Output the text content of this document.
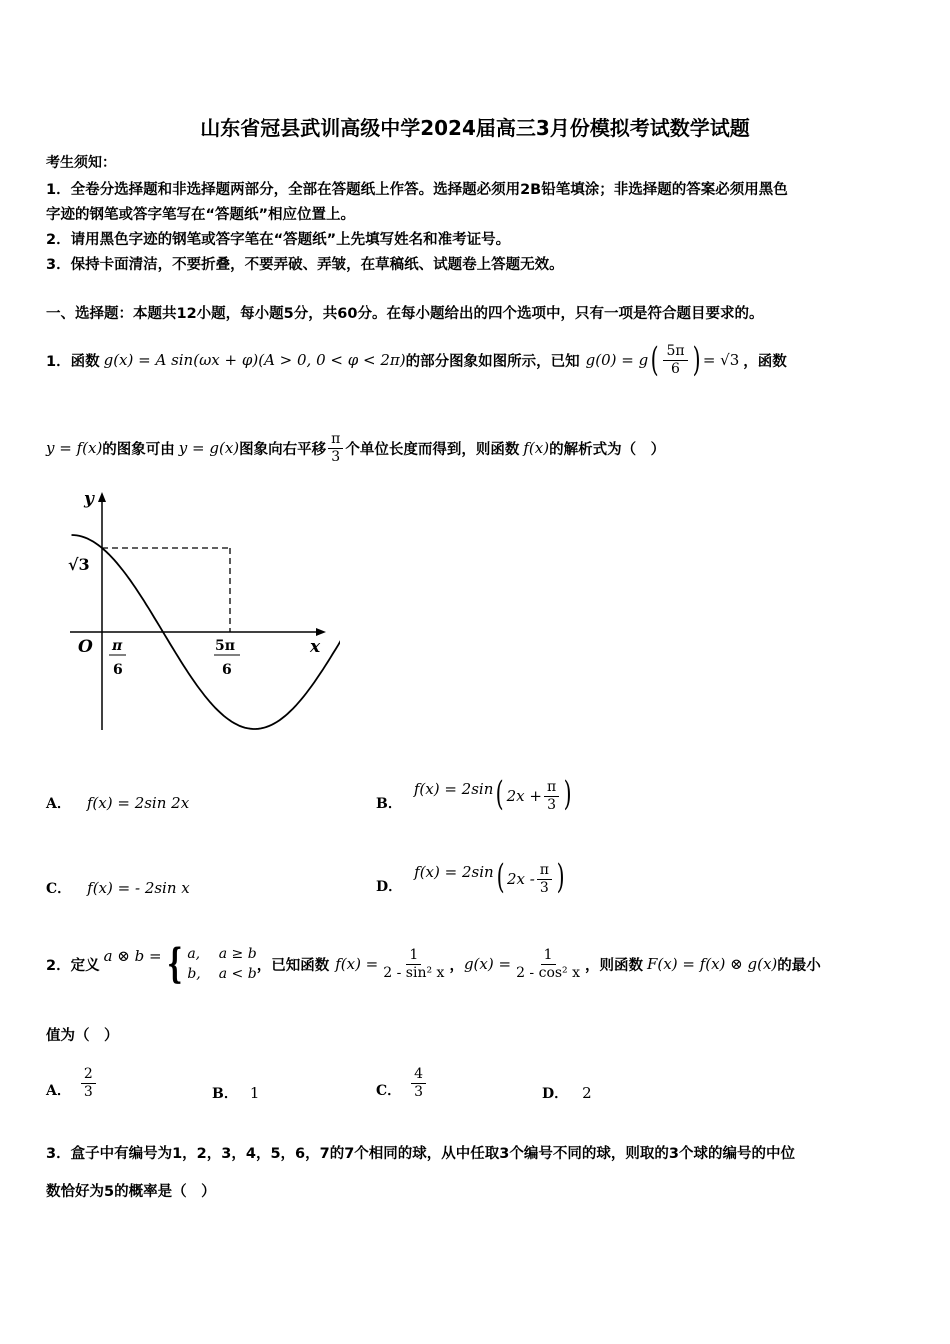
山东省冠县武训高级中学2024届高三3月份模拟考试数学试题
考生须知：
1．全卷分选择题和非选择题两部分，全部在答题纸上作答。选择题必须用2B铅笔填涂；非选择题的答案必须用黑色
字迹的钢笔或答字笔写在“答题纸”相应位置上。
2．请用黑色字迹的钢笔或答字笔在“答题纸”上先填写姓名和准考证号。
3．保持卡面清洁，不要折叠，不要弄破、弄皱，在草稿纸、试题卷上答题无效。
一、选择题：本题共12小题，每小题5分，共60分。在每小题给出的四个选项中，只有一项是符合题目要求的。
1．函数 g(x) = A sin(ωx + φ)(A > 0, 0 < φ < 2π) 的部分图象如图所示，已知 g(0) = g ( $\frac{5\pi}{6}$ ) = √3 ，函数
y = f(x) 的图象可由 y = g(x) 图象向右平移 $\frac{\pi}{3}$ 个单位长度而得到，则函数 f(x) 的解析式为（　）
y
x
O
√3
π
6
5π
6
A． f(x) = 2sin 2x	B．
f(x) = 2sin ( $2x + \frac{\pi}{3}$ )
C． f(x) = - 2sin x	D．
f(x) = 2sin ( $2x - \frac{\pi}{3}$ )
2．定义
a ⊗ b = { a,
b,
a ≥ b
a < b
，已知函数 $f(x) = \frac{1}{\text{2 - sin² x}}$ ， $g(x) = \frac{1}{\text{2 - cos² x}}$ ，则函数 F(x) = f(x) ⊗ g(x) 的最小
值为（　）
A． $\frac{2}{3}$	B． 1	C． $\frac{4}{3}$	D． 2
3．盒子中有编号为1，2，3，4，5，6，7的7个相同的球，从中任取3个编号不同的球，则取的3个球的编号的中位
数恰好为5的概率是（　）
